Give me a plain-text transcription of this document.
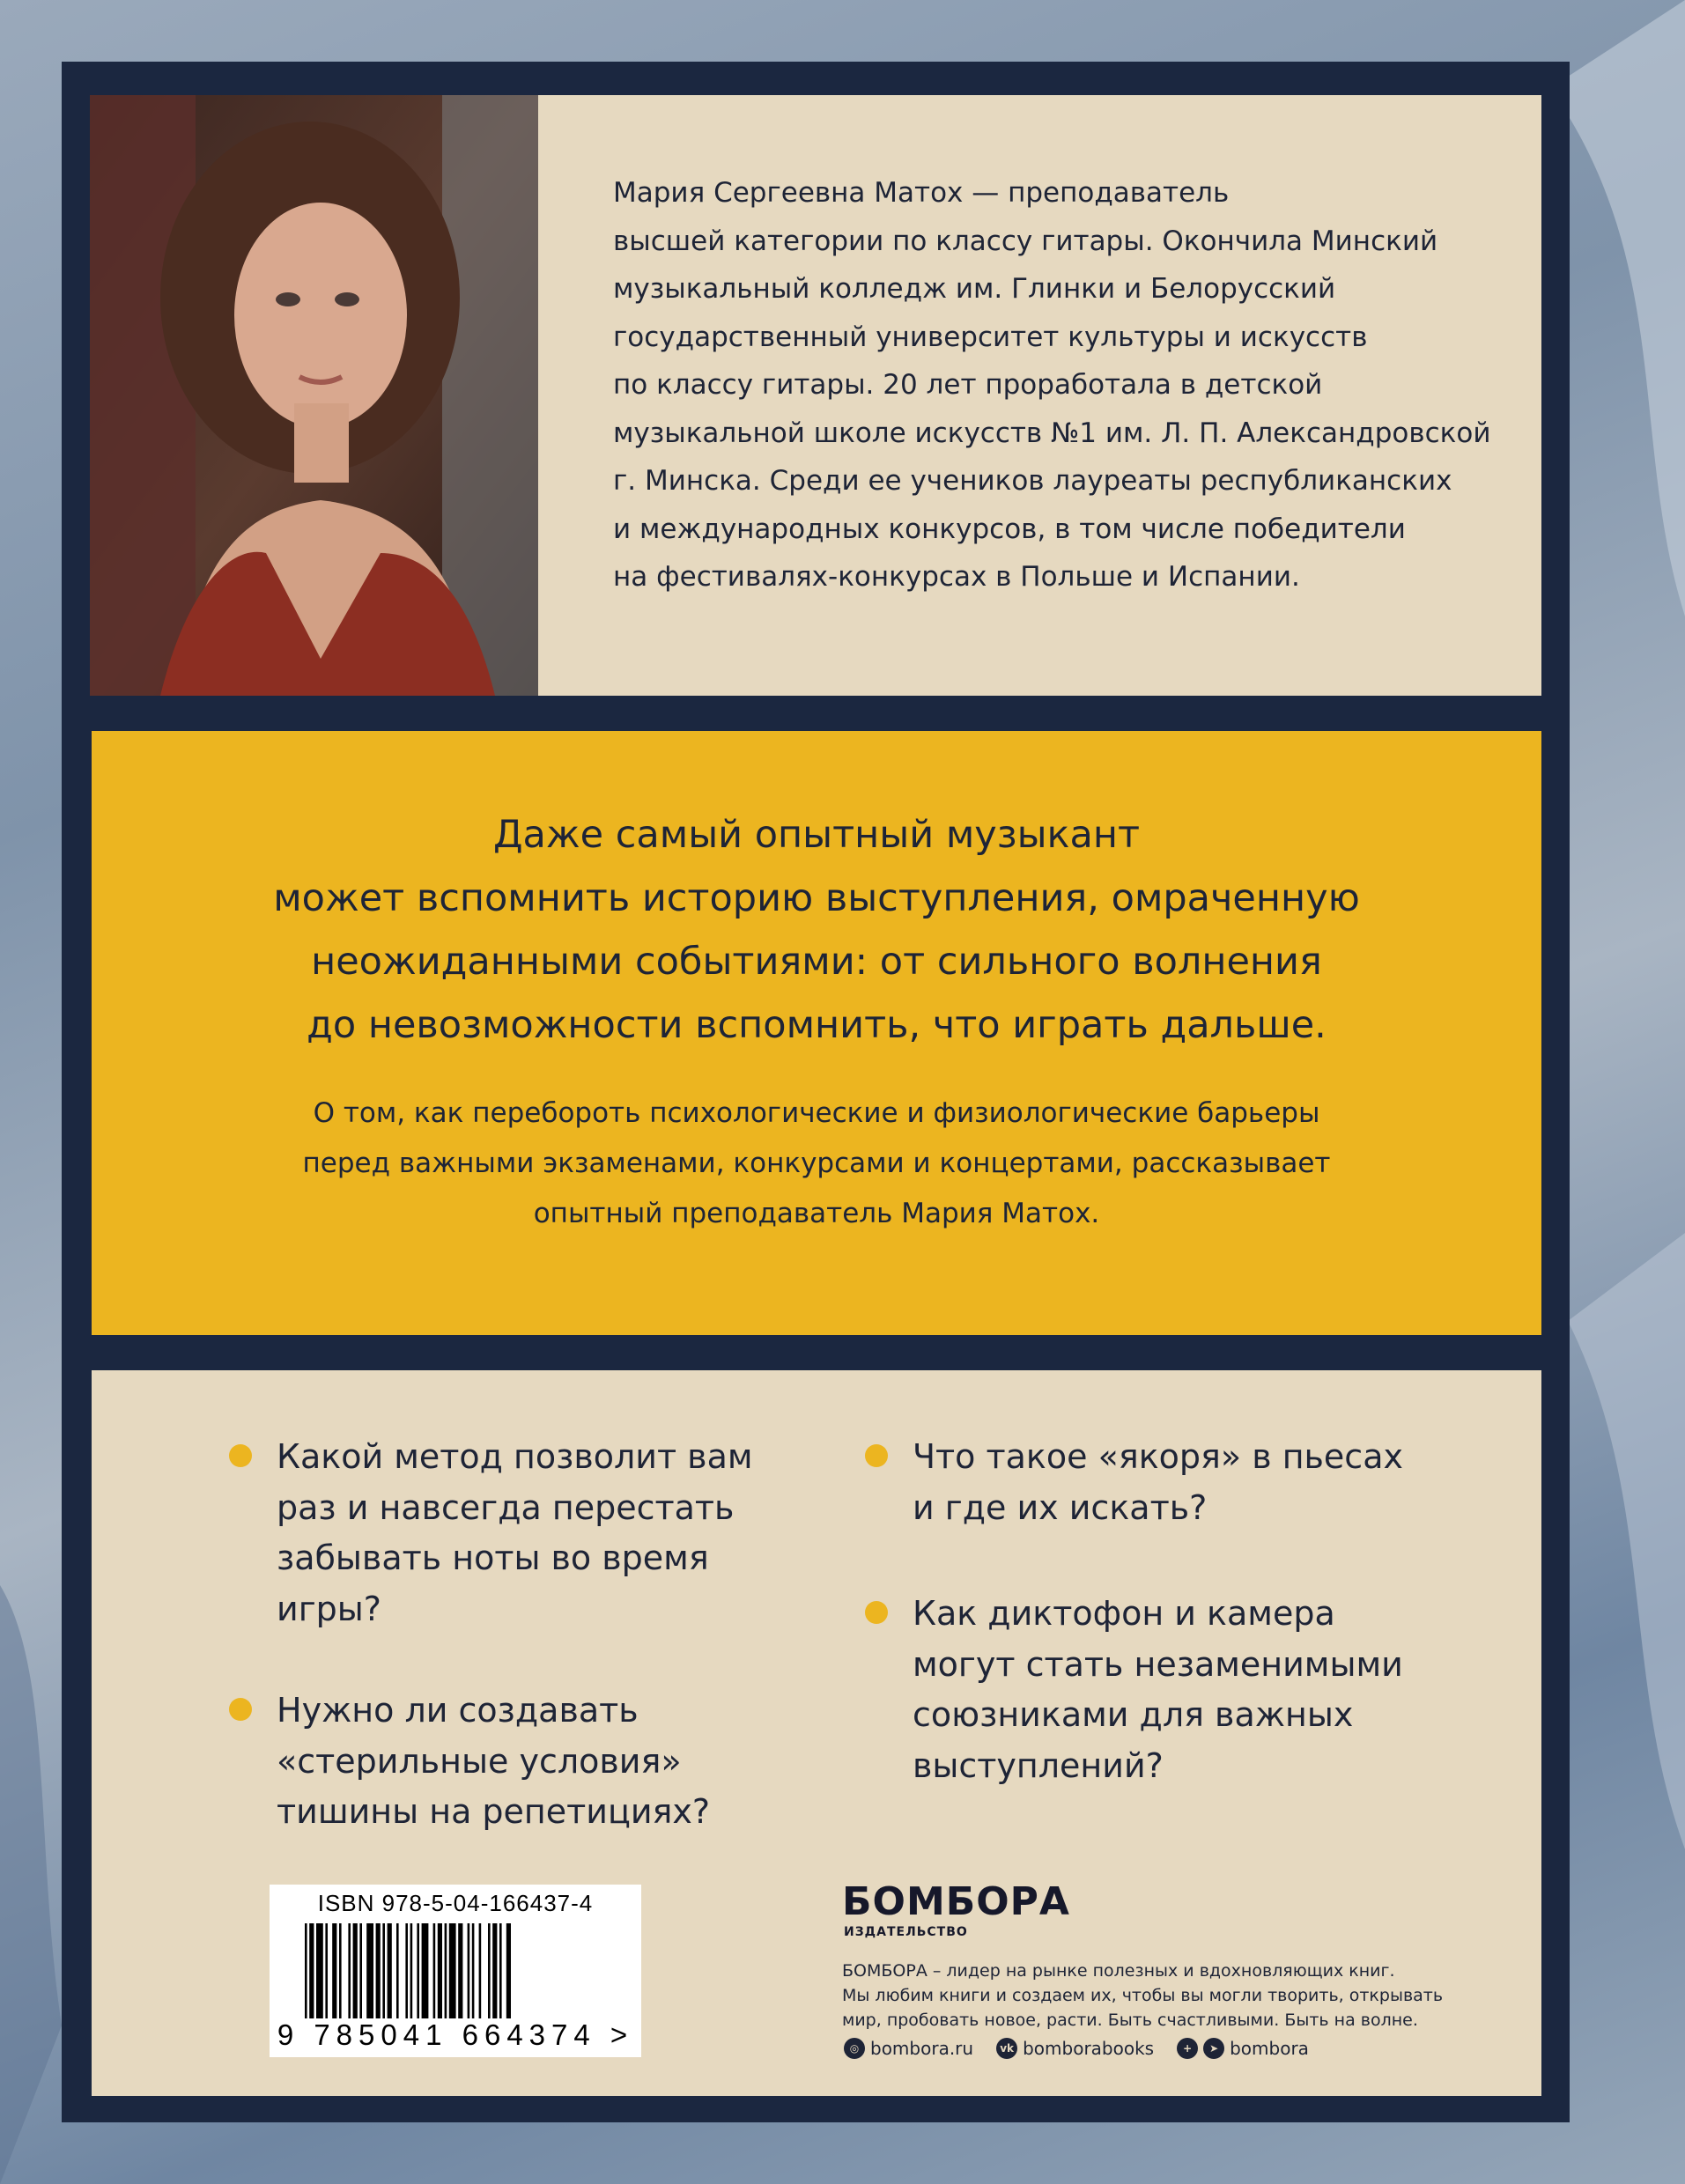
Мария Сергеевна Матох — преподаватель
высшей категории по классу гитары. Окончила Минский
музыкальный колледж им. Глинки и Белорусский
государственный университет культуры и искусств
по классу гитары. 20 лет проработала в детской
музыкальной школе искусств №1 им. Л. П. Александровской
г. Минска. Среди ее учеников лауреаты республиканских
и международных конкурсов, в том числе победители
на фестивалях-конкурсах в Польше и Испании.

Даже самый опытный музыкант
может вспомнить историю выступления, омраченную
неожиданными событиями: от сильного волнения
до невозможности вспомнить, что играть дальше.

О том, как перебороть психологические и физиологические барьеры
перед важными экзаменами, конкурсами и концертами, рассказывает
опытный преподаватель Мария Матох.

Какой метод позволит вам
раз и навсегда перестать
забывать ноты во время
игры?

Нужно ли создавать
«стерильные условия»
тишины на репетициях?

Что такое «якоря» в пьесах
и где их искать?

Как диктофон и камера
могут стать незаменимыми
союзниками для важных
выступлений?

ISBN 978-5-04-166437-4
9 785041 664374 >
БОМБОРА
ИЗДАТЕЛЬСТВО

БОМБОРА – лидер на рынке полезных и вдохновляющих книг.
Мы любим книги и создаем их, чтобы вы могли творить, открывать
мир, пробовать новое, расти. Быть счастливыми. Быть на волне.

◎ bombora.ru	vk bomborabooks	+	➤ bombora
